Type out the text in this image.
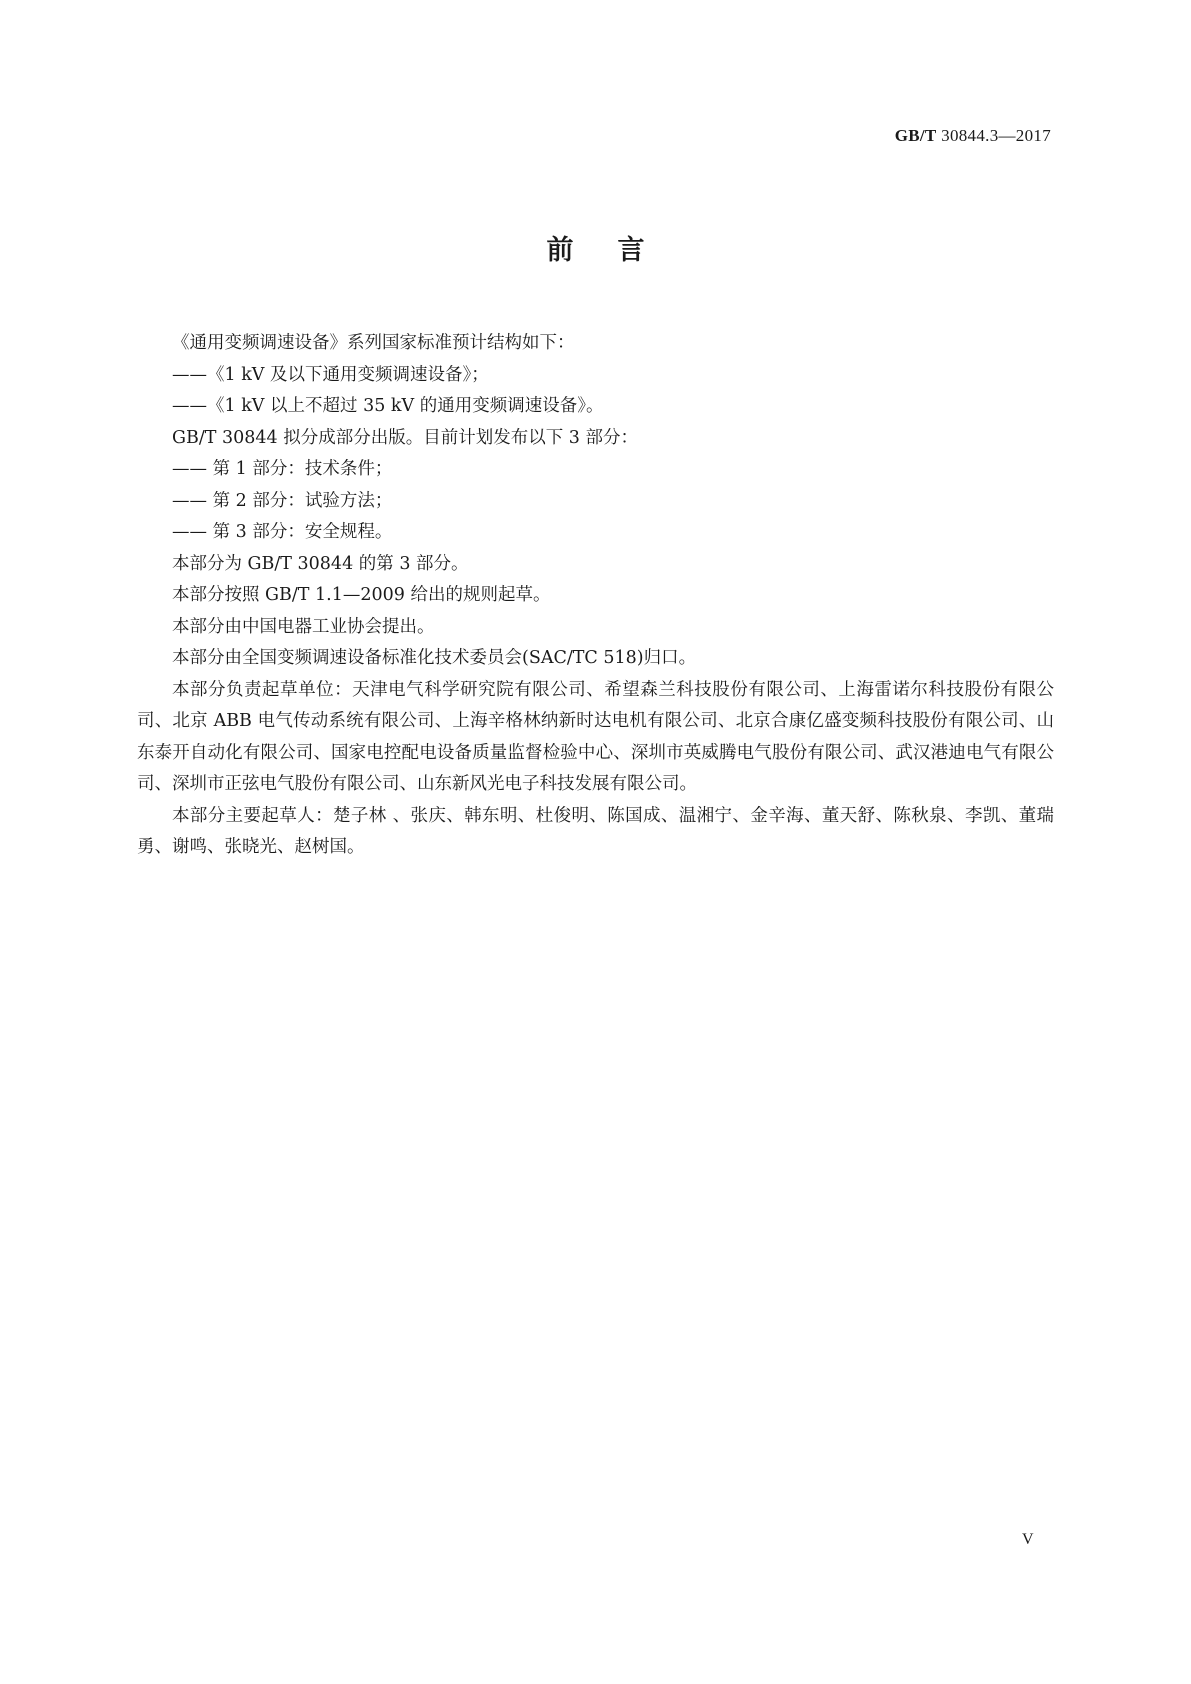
GB/T 30844.3—2017
前言

《通用变频调速设备》系列国家标准预计结构如下：

——《1 kV 及以下通用变频调速设备》；

——《1 kV 以上不超过 35 kV 的通用变频调速设备》。

GB/T 30844 拟分成部分出版。目前计划发布以下 3 部分：

—— 第 1 部分：技术条件；

—— 第 2 部分：试验方法；

—— 第 3 部分：安全规程。

本部分为 GB/T 30844 的第 3 部分。

本部分按照 GB/T 1.1—2009 给出的规则起草。

本部分由中国电器工业协会提出。

本部分由全国变频调速设备标准化技术委员会(SAC/TC 518)归口。

本部分负责起草单位：天津电气科学研究院有限公司、希望森兰科技股份有限公司、上海雷诺尔科技股份有限公司、北京 ABB 电气传动系统有限公司、上海辛格林纳新时达电机有限公司、北京合康亿盛变频科技股份有限公司、山东泰开自动化有限公司、国家电控配电设备质量监督检验中心、深圳市英威腾电气股份有限公司、武汉港迪电气有限公司、深圳市正弦电气股份有限公司、山东新风光电子科技发展有限公司。

本部分主要起草人：楚子林 、张庆、韩东明、杜俊明、陈国成、温湘宁、金辛海、董天舒、陈秋泉、李凯、董瑞勇、谢鸣、张晓光、赵树国。

V
